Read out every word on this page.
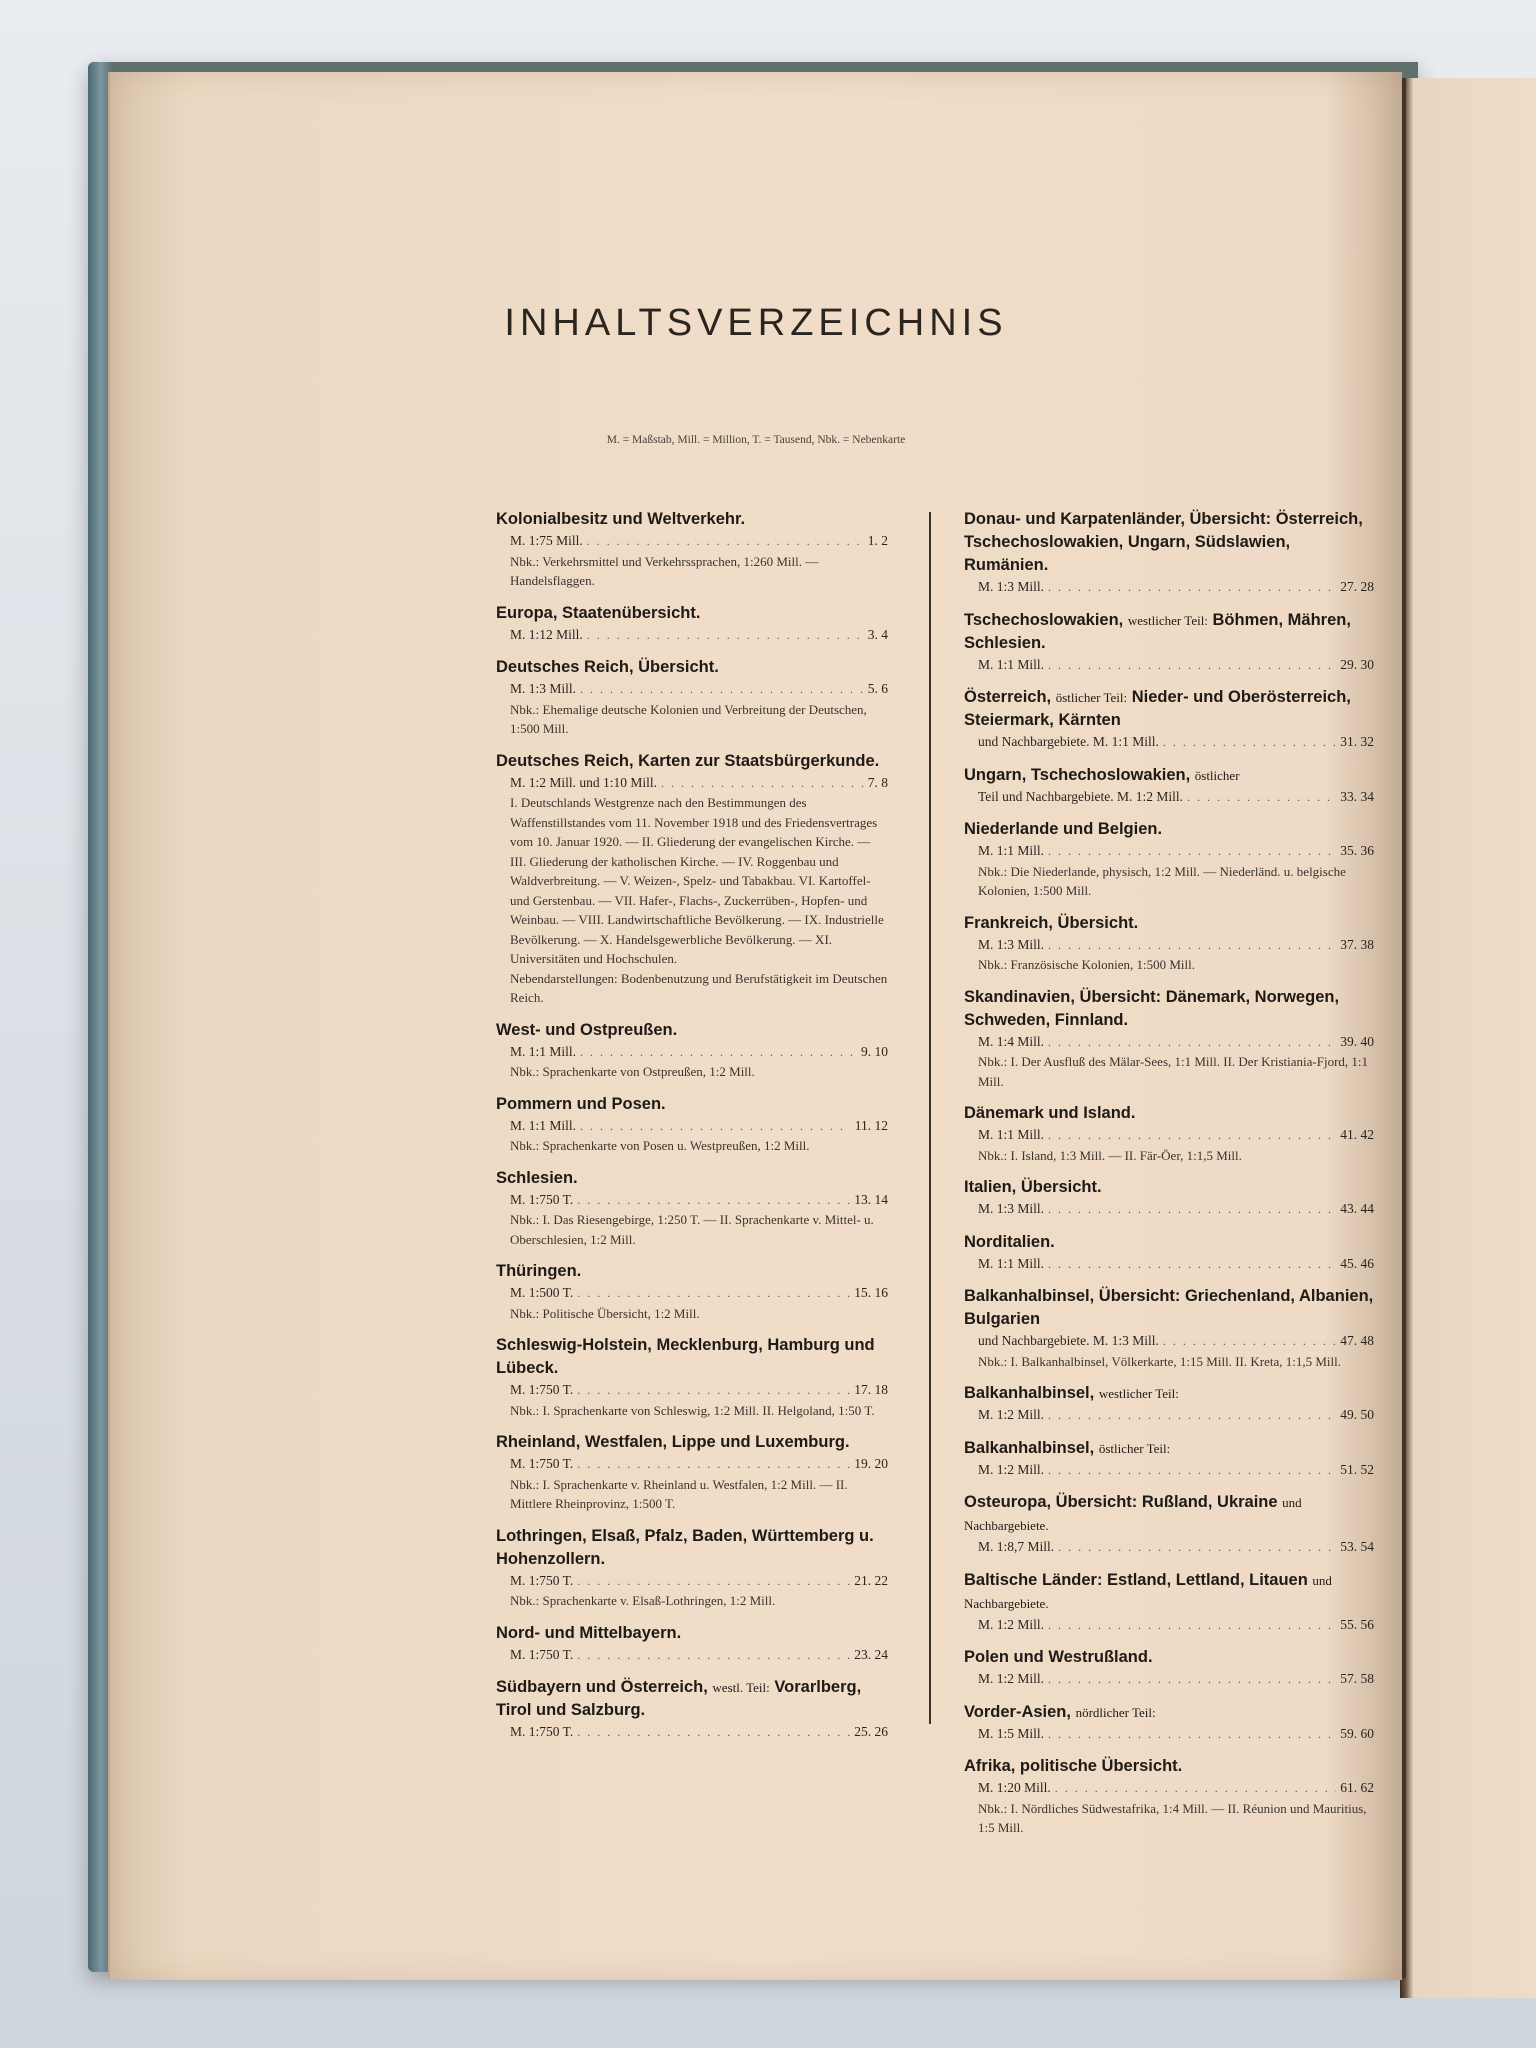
INHALTSVERZEICHNIS

M. = Maßstab, Mill. = Million, T. = Tausend, Nbk. = Nebenkarte

Kolonialbesitz und Weltverkehr.
M. 1:75 Mill. . . .	1. 2
Nbk.: Verkehrsmittel und Verkehrssprachen, 1:260 Mill. — Handelsflaggen.
Europa, Staatenübersicht.
M. 1:12 Mill. . . .	3. 4
Deutsches Reich, Übersicht.
M. 1:3 Mill. . . .	5. 6
Nbk.: Ehemalige deutsche Kolonien und Verbreitung der Deutschen, 1:500 Mill.
Deutsches Reich, Karten zur Staatsbürgerkunde.
M. 1:2 Mill. und 1:10 Mill. . . .	7. 8
I. Deutschlands Westgrenze nach den Bestimmungen des Waffenstillstandes vom 11. November 1918 und des Friedensvertrages vom 10. Januar 1920. — II. Gliederung der evangelischen Kirche. — III. Gliederung der katholischen Kirche. — IV. Roggenbau und Waldverbreitung. — V. Weizen-, Spelz- und Tabakbau. VI. Kartoffel- und Gerstenbau. — VII. Hafer-, Flachs-, Zuckerrüben-, Hopfen- und Weinbau. — VIII. Landwirtschaftliche Bevölkerung. — IX. Industrielle Bevölkerung. — X. Handelsgewerbliche Bevölkerung. — XI. Universitäten und Hochschulen.
Nebendarstellungen: Bodenbenutzung und Berufstätigkeit im Deutschen Reich.
West- und Ostpreußen.
M. 1:1 Mill. . . .	9. 10
Nbk.: Sprachenkarte von Ostpreußen, 1:2 Mill.
Pommern und Posen.
M. 1:1 Mill. . . .	11. 12
Nbk.: Sprachenkarte von Posen u. Westpreußen, 1:2 Mill.
Schlesien.
M. 1:750 T. . . .	13. 14
Nbk.: I. Das Riesengebirge, 1:250 T. — II. Sprachenkarte v. Mittel- u. Oberschlesien, 1:2 Mill.
Thüringen.
M. 1:500 T. . . .	15. 16
Nbk.: Politische Übersicht, 1:2 Mill.
Schleswig-Holstein, Mecklenburg, Hamburg und Lübeck.
M. 1:750 T. . . .	17. 18
Nbk.: I. Sprachenkarte von Schleswig, 1:2 Mill. II. Helgoland, 1:50 T.
Rheinland, Westfalen, Lippe und Luxemburg.
M. 1:750 T. . . .	19. 20
Nbk.: I. Sprachenkarte v. Rheinland u. Westfalen, 1:2 Mill. — II. Mittlere Rheinprovinz, 1:500 T.
Lothringen, Elsaß, Pfalz, Baden, Württemberg u. Hohenzollern.
M. 1:750 T. . . .	21. 22
Nbk.: Sprachenkarte v. Elsaß-Lothringen, 1:2 Mill.
Nord- und Mittelbayern.
M. 1:750 T. . . .	23. 24
Südbayern und Österreich, westl. Teil: Vorarlberg, Tirol und Salzburg.
M. 1:750 T. . . .	25. 26
Donau- und Karpatenländer, Übersicht: Österreich, Tschechoslowakien, Ungarn, Südslawien, Rumänien.
M. 1:3 Mill. . . .	27. 28
Tschechoslowakien, westlicher Teil: Böhmen, Mähren, Schlesien.
M. 1:1 Mill. . . .	29. 30
Österreich, östlicher Teil: Nieder- und Oberösterreich, Steiermark, Kärnten
und Nachbargebiete. M. 1:1 Mill. . . .	31. 32
Ungarn, Tschechoslowakien, östlicher
Teil und Nachbargebiete. M. 1:2 Mill. . . .	33. 34
Niederlande und Belgien.
M. 1:1 Mill. . . .	35. 36
Nbk.: Die Niederlande, physisch, 1:2 Mill. — Niederländ. u. belgische Kolonien, 1:500 Mill.
Frankreich, Übersicht.
M. 1:3 Mill. . . .	37. 38
Nbk.: Französische Kolonien, 1:500 Mill.
Skandinavien, Übersicht: Dänemark, Norwegen, Schweden, Finnland.
M. 1:4 Mill. . . .	39. 40
Nbk.: I. Der Ausfluß des Mälar-Sees, 1:1 Mill. II. Der Kristiania-Fjord, 1:1 Mill.
Dänemark und Island.
M. 1:1 Mill. . . .	41. 42
Nbk.: I. Island, 1:3 Mill. — II. Fär-Öer, 1:1,5 Mill.
Italien, Übersicht.
M. 1:3 Mill. . . .	43. 44
Norditalien.
M. 1:1 Mill. . . .	45. 46
Balkanhalbinsel, Übersicht: Griechenland, Albanien, Bulgarien
und Nachbargebiete. M. 1:3 Mill. . . .	47. 48
Nbk.: I. Balkanhalbinsel, Völkerkarte, 1:15 Mill. II. Kreta, 1:1,5 Mill.
Balkanhalbinsel, westlicher Teil:
M. 1:2 Mill. . . .	49. 50
Balkanhalbinsel, östlicher Teil:
M. 1:2 Mill. . . .	51. 52
Osteuropa, Übersicht: Rußland, Ukraine und Nachbargebiete.
M. 1:8,7 Mill. . . .	53. 54
Baltische Länder: Estland, Lettland, Litauen und Nachbargebiete.
M. 1:2 Mill. . . .	55. 56
Polen und Westrußland.
M. 1:2 Mill. . . .	57. 58
Vorder-Asien, nördlicher Teil:
M. 1:5 Mill. . . .	59. 60
Afrika, politische Übersicht.
M. 1:20 Mill. . . .	61. 62
Nbk.: I. Nördliches Südwestafrika, 1:4 Mill. — II. Réunion und Mauritius, 1:5 Mill.
